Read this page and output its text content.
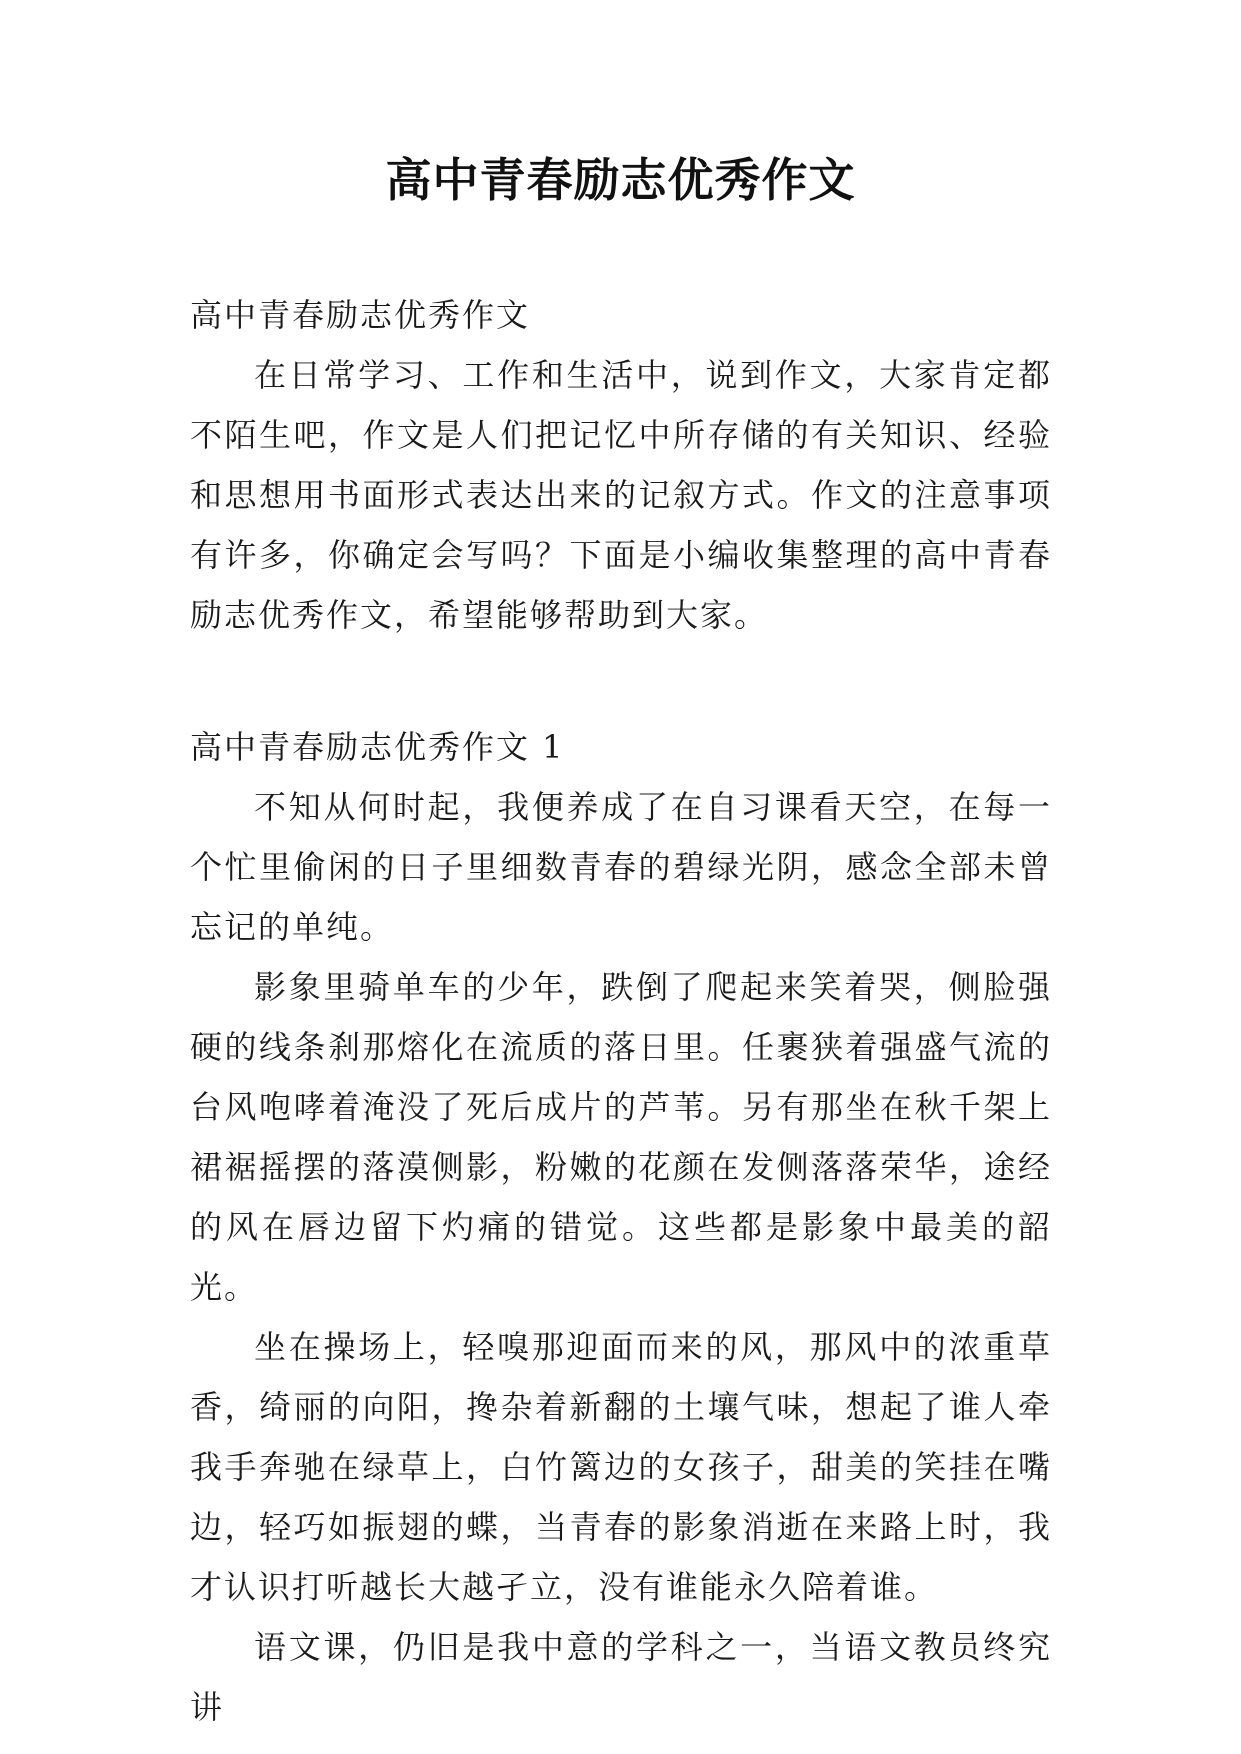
高中青春励志优秀作文
高中青春励志优秀作文

在日常学习、工作和生活中，说到作文，大家肯定都不陌生吧，作文是人们把记忆中所存储的有关知识、经验和思想用书面形式表达出来的记叙方式。作文的注意事项有许多，你确定会写吗？下面是小编收集整理的高中青春励志优秀作文，希望能够帮助到大家。

高中青春励志优秀作文 1

不知从何时起，我便养成了在自习课看天空，在每一个忙里偷闲的日子里细数青春的碧绿光阴，感念全部未曾忘记的单纯。

影象里骑单车的少年，跌倒了爬起来笑着哭，侧脸强硬的线条刹那熔化在流质的落日里。任裹狭着强盛气流的台风咆哮着淹没了死后成片的芦苇。另有那坐在秋千架上裙裾摇摆的落漠侧影，粉嫩的花颜在发侧落落荣华，途经的风在唇边留下灼痛的错觉。这些都是影象中最美的韶光。

坐在操场上，轻嗅那迎面而来的风，那风中的浓重草香，绮丽的向阳，搀杂着新翻的土壤气味，想起了谁人牵我手奔驰在绿草上，白竹篱边的女孩子，甜美的笑挂在嘴边，轻巧如振翅的蝶，当青春的影象消逝在来路上时，我才认识打听越长大越孑立，没有谁能永久陪着谁。

语文课，仍旧是我中意的学科之一，当语文教员终究讲
